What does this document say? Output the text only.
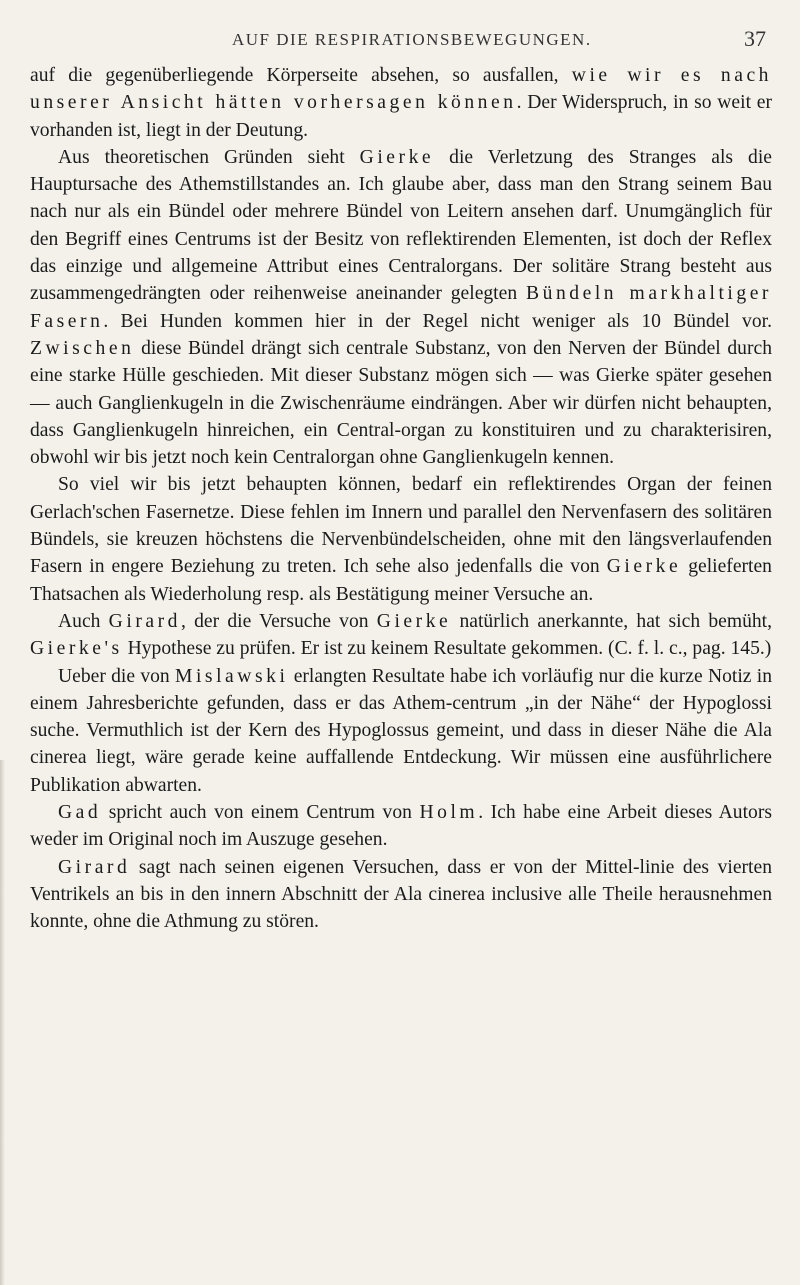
AUF DIE RESPIRATIONSBEWEGUNGEN.	37

auf die gegenüberliegende Körperseite absehen, so ausfallen, wie wir es nach unserer Ansicht hätten vorhersagen können. Der Widerspruch, in so weit er vorhanden ist, liegt in der Deutung.

Aus theoretischen Gründen sieht Gierke die Verletzung des Stranges als die Hauptursache des Athemstillstandes an. Ich glaube aber, dass man den Strang seinem Bau nach nur als ein Bündel oder mehrere Bündel von Leitern ansehen darf. Unumgänglich für den Begriff eines Centrums ist der Besitz von reflektirenden Elementen, ist doch der Reflex das einzige und allgemeine Attribut eines Centralorgans. Der solitäre Strang besteht aus zusammengedrängten oder reihenweise aneinander gelegten Bündeln markhaltiger Fasern. Bei Hunden kommen hier in der Regel nicht weniger als 10 Bündel vor. Zwischen diese Bündel drängt sich centrale Substanz, von den Nerven der Bündel durch eine starke Hülle geschieden. Mit dieser Substanz mögen sich — was Gierke später gesehen — auch Ganglienkugeln in die Zwischenräume eindrängen. Aber wir dürfen nicht behaupten, dass Ganglienkugeln hinreichen, ein Central-organ zu konstituiren und zu charakterisiren, obwohl wir bis jetzt noch kein Centralorgan ohne Ganglienkugeln kennen.

So viel wir bis jetzt behaupten können, bedarf ein reflektirendes Organ der feinen Gerlach'schen Fasernetze. Diese fehlen im Innern und parallel den Nervenfasern des solitären Bündels, sie kreuzen höchstens die Nervenbündelscheiden, ohne mit den längsverlaufenden Fasern in engere Beziehung zu treten. Ich sehe also jedenfalls die von Gierke gelieferten Thatsachen als Wiederholung resp. als Bestätigung meiner Versuche an.

Auch Girard, der die Versuche von Gierke natürlich anerkannte, hat sich bemüht, Gierke's Hypothese zu prüfen. Er ist zu keinem Resultate gekommen. (C. f. l. c., pag. 145.)

Ueber die von Mislawski erlangten Resultate habe ich vorläufig nur die kurze Notiz in einem Jahresberichte gefunden, dass er das Athem-centrum „in der Nähe“ der Hypoglossi suche. Vermuthlich ist der Kern des Hypoglossus gemeint, und dass in dieser Nähe die Ala cinerea liegt, wäre gerade keine auffallende Entdeckung. Wir müssen eine ausführlichere Publikation abwarten.

Gad spricht auch von einem Centrum von Holm. Ich habe eine Arbeit dieses Autors weder im Original noch im Auszuge gesehen.

Girard sagt nach seinen eigenen Versuchen, dass er von der Mittel-linie des vierten Ventrikels an bis in den innern Abschnitt der Ala cinerea inclusive alle Theile herausnehmen konnte, ohne die Athmung zu stören.
